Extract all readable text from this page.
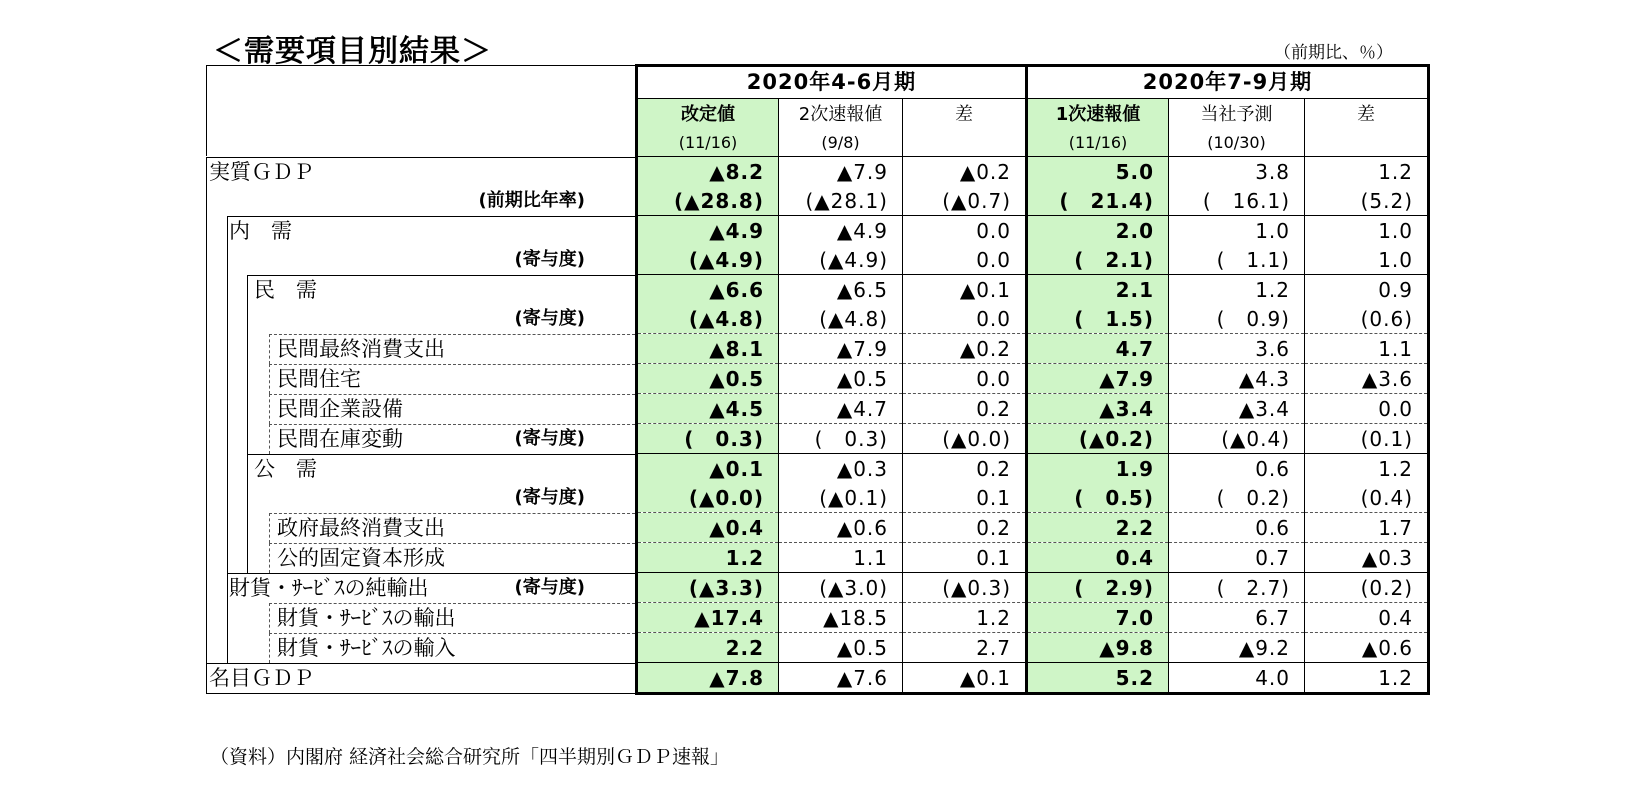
＜需要項目別結果＞	（前期比、％）
	2020年4-6月期			2020年7-9月期		
	改定値	2次速報値	差	1次速報値	当社予測	差
	(11/16)	(9/8)		(11/16)	(10/30)	
実質ＧＤＰ	▲8.2	▲7.9	▲0.2	5.0	3.8	1.2

(前期比年率)	(▲28.8)	(▲28.1)	(▲0.7)	(　21.4)	(　16.1)	(5.2)

内　需	▲4.9	▲4.9	0.0	2.0	1.0	1.0

(寄与度)	(▲4.9)	(▲4.9)	0.0	(　2.1)	(　1.1)	1.0

民　需	▲6.6	▲6.5	▲0.1	2.1	1.2	0.9

(寄与度)	(▲4.8)	(▲4.8)	0.0	(　1.5)	(　0.9)	(0.6)

民間最終消費支出	▲8.1	▲7.9	▲0.2	4.7	3.6	1.1

民間住宅	▲0.5	▲0.5	0.0	▲7.9	▲4.3	▲3.6

民間企業設備	▲4.5	▲4.7	0.2	▲3.4	▲3.4	0.0

民間在庫変動 (寄与度)	(　0.3)	(　0.3)	(▲0.0)	(▲0.2)	(▲0.4)	(0.1)

公　需	▲0.1	▲0.3	0.2	1.9	0.6	1.2

(寄与度)	(▲0.0)	(▲0.1)	0.1	(　0.5)	(　0.2)	(0.4)

政府最終消費支出	▲0.4	▲0.6	0.2	2.2	0.6	1.7

公的固定資本形成	1.2	1.1	0.1	0.4	0.7	▲0.3

財貨・ｻｰﾋﾞｽの純輸出 (寄与度)	(▲3.3)	(▲3.0)	(▲0.3)	(　2.9)	(　2.7)	(0.2)

財貨・ｻｰﾋﾞｽの輸出	▲17.4	▲18.5	1.2	7.0	6.7	0.4

財貨・ｻｰﾋﾞｽの輸入	2.2	▲0.5	2.7	▲9.8	▲9.2	▲0.6

名目ＧＤＰ	▲7.8	▲7.6	▲0.1	5.2	4.0	1.2
（資料）内閣府 経済社会総合研究所「四半期別ＧＤＰ速報」
